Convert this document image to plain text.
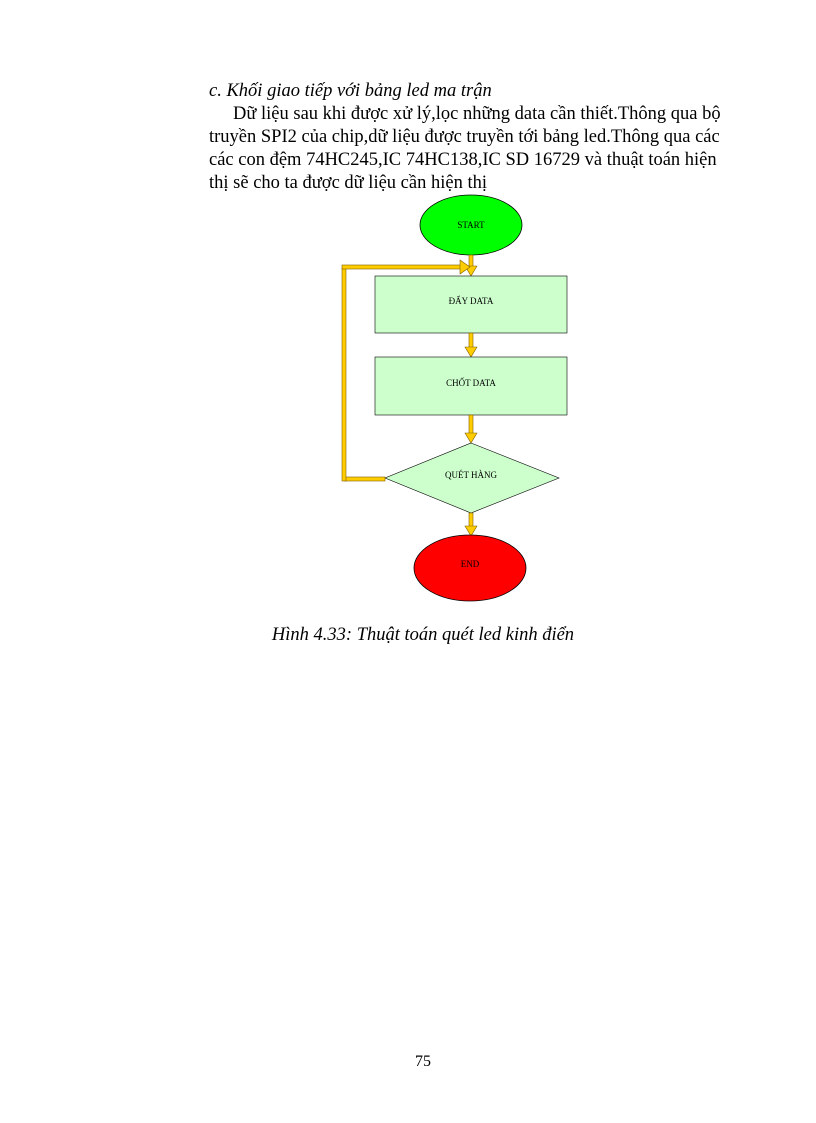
c. Khối giao tiếp với bảng led ma trận
Dữ liệu sau khi được xử lý,lọc những data cần thiết.Thông qua bộ
truyền SPI2 của chip,dữ liệu được truyền tới bảng led.Thông qua các
các con đệm 74HC245,IC 74HC138,IC SD 16729 và thuật toán hiện
thị sẽ cho ta được dữ liệu cần hiện thị
START
ĐẨY DATA
CHỐT DATA
QUÉT HÀNG
END
Hình 4.33: Thuật toán quét led kinh điển
75
